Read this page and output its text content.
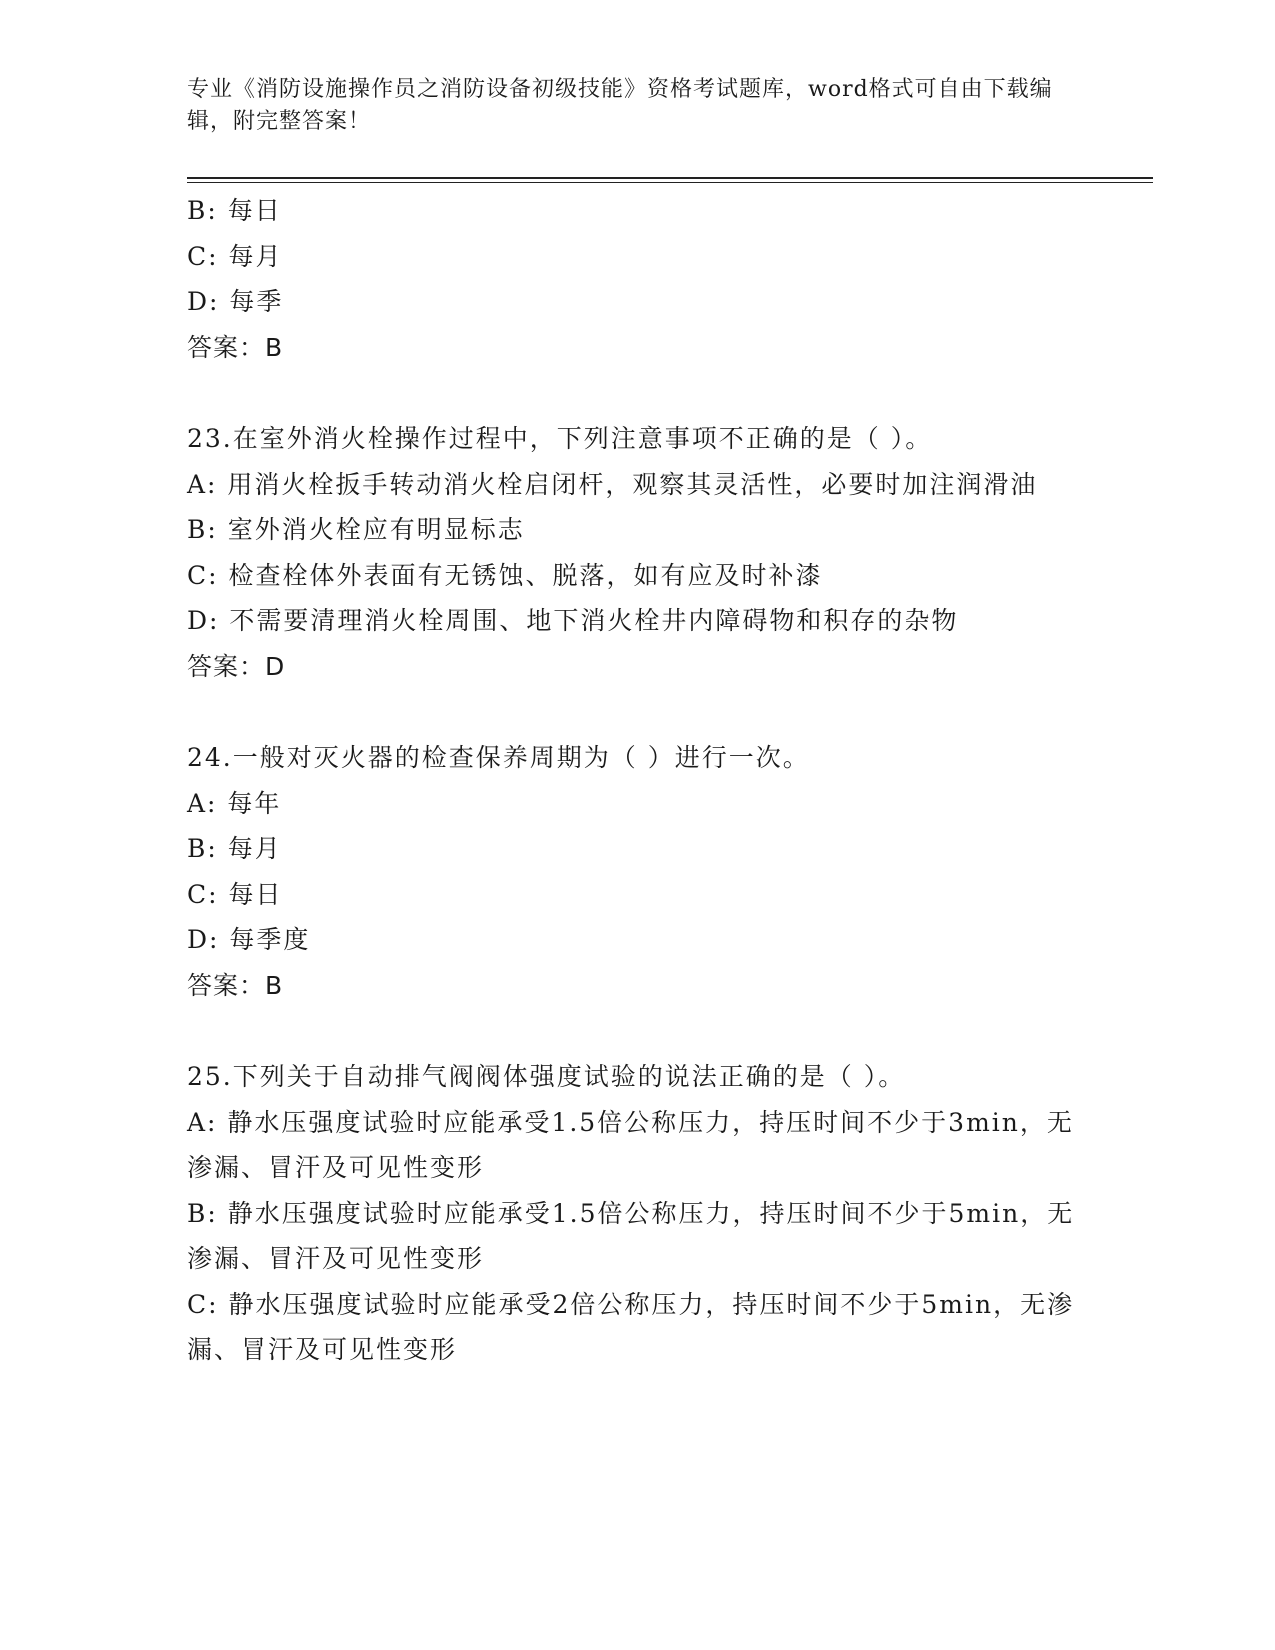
专业《消防设施操作员之消防设备初级技能》资格考试题库，word格式可自由下载编辑，附完整答案！
B: 每日
C: 每月
D: 每季
答案：B
23.在室外消火栓操作过程中，下列注意事项不正确的是（ ）。
A: 用消火栓扳手转动消火栓启闭杆，观察其灵活性，必要时加注润滑油
B: 室外消火栓应有明显标志
C: 检查栓体外表面有无锈蚀、脱落，如有应及时补漆
D: 不需要清理消火栓周围、地下消火栓井内障碍物和积存的杂物
答案：D
24.一般对灭火器的检查保养周期为（ ）进行一次。
A: 每年
B: 每月
C: 每日
D: 每季度
答案：B
25.下列关于自动排气阀阀体强度试验的说法正确的是（ ）。
A: 静水压强度试验时应能承受1.5倍公称压力，持压时间不少于3min，无渗漏、冒汗及可见性变形
B: 静水压强度试验时应能承受1.5倍公称压力，持压时间不少于5min，无渗漏、冒汗及可见性变形
C: 静水压强度试验时应能承受2倍公称压力，持压时间不少于5min，无渗漏、冒汗及可见性变形
